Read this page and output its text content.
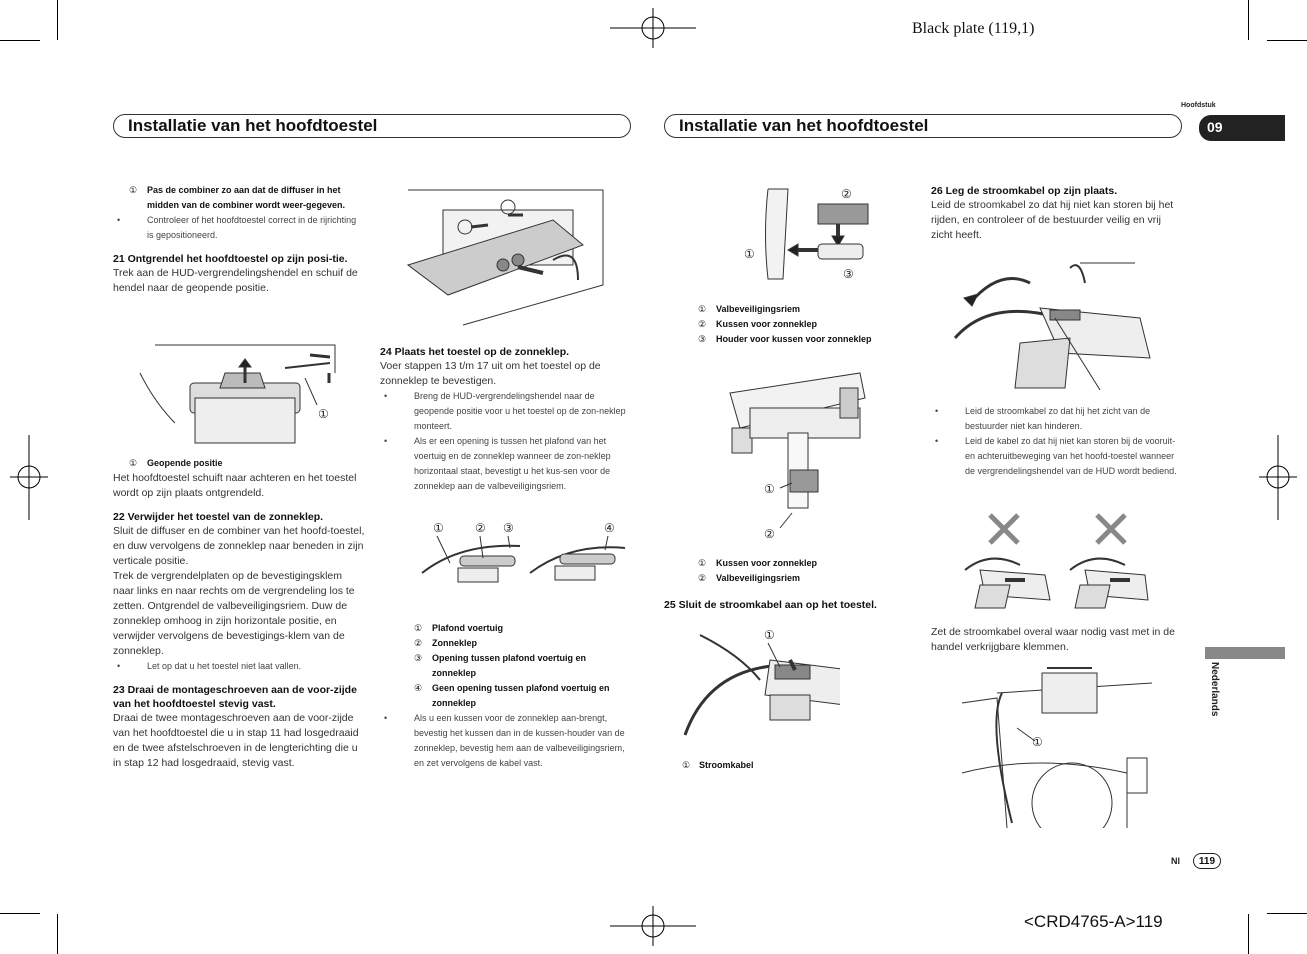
Black plate (119,1)
<CRD4765-A>119
Installatie van het hoofdtoestel	Installatie van het hoofdtoestel
Hoofdstuk
09
Nederlands
Nl	119
① Pas de combiner zo aan dat de diffuser in het midden van de combiner wordt weer-gegeven.
• Controleer of het hoofdtoestel correct in de rijrichting is gepositioneerd.
21 Ontgrendel het hoofdtoestel op zijn posi-tie.
Trek aan de HUD-vergrendelingshendel en schuif de hendel naar de geopende positie.
①
① Geopende positie
Het hoofdtoestel schuift naar achteren en het toestel wordt op zijn plaats ontgrendeld.
22 Verwijder het toestel van de zonneklep.
Sluit de diffuser en de combiner van het hoofd-toestel, en duw vervolgens de zonneklep naar beneden in zijn verticale positie.
Trek de vergrendelplaten op de bevestigingsklem naar links en naar rechts om de vergrendeling los te zetten. Ontgrendel de valbeveiligingsriem. Duw de zonneklep omhoog in zijn horizontale positie, en verwijder vervolgens de bevestigings-klem van de zonneklep.
• Let op dat u het toestel niet laat vallen.
23 Draai de montageschroeven aan de voor-zijde van het hoofdtoestel stevig vast.
Draai de twee montageschroeven aan de voor-zijde van het hoofdtoestel die u in stap 11 had losgedraaid en de twee afstelschroeven in de lengterichting die u in stap 12 had losgedraaid, stevig vast.
24 Plaats het toestel op de zonneklep.
Voer stappen 13 t/m 17 uit om het toestel op de zonneklep te bevestigen.
• Breng de HUD-vergrendelingshendel naar de geopende positie voor u het toestel op de zon-neklep monteert.
• Als er een opening is tussen het plafond van het voertuig en de zonneklep wanneer de zon-neklep horizontaal staat, bevestigt u het kus-sen voor de zonneklep aan de valbeveiligingsriem.
①	② ③	④
① Plafond voertuig
② Zonneklep
③ Opening tussen plafond voertuig en zonneklep
④ Geen opening tussen plafond voertuig en zonneklep
• Als u een kussen voor de zonneklep aan-brengt, bevestig het kussen dan in de kussen-houder van de zonneklep, bevestig hem aan de valbeveiligingsriem, en zet vervolgens de kabel vast.
②
①
③
① Valbeveiligingsriem
② Kussen voor zonneklep
③ Houder voor kussen voor zonneklep
①
②
① Kussen voor zonneklep
② Valbeveiligingsriem
25 Sluit de stroomkabel aan op het toestel.
①
① Stroomkabel
26 Leg de stroomkabel op zijn plaats.
Leid de stroomkabel zo dat hij niet kan storen bij het rijden, en controleer of de bestuurder veilig en vrij zicht heeft.
• Leid de stroomkabel zo dat hij het zicht van de bestuurder niet kan hinderen.
• Leid de kabel zo dat hij niet kan storen bij de vooruit- en achteruitbeweging van het hoofd-toestel wanneer de vergrendelingshendel van de HUD wordt bediend.
Zet de stroomkabel overal waar nodig vast met in de handel verkrijgbare klemmen.
①
